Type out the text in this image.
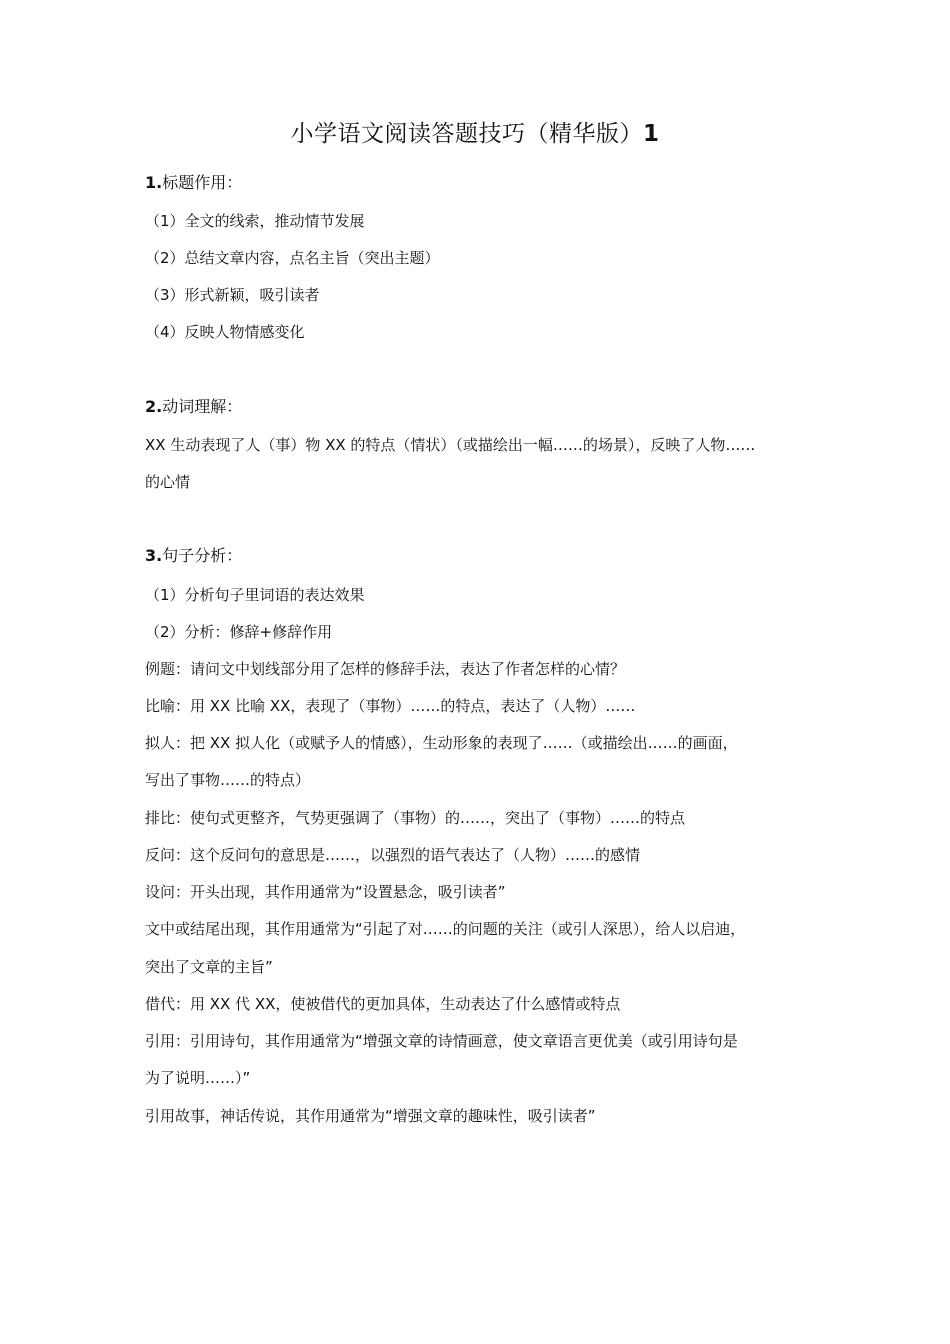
小学语文阅读答题技巧（精华版）1
1.标题作用：
（1）全文的线索，推动情节发展
（2）总结文章内容，点名主旨（突出主题）
（3）形式新颖，吸引读者
（4）反映人物情感变化
2.动词理解：
XX 生动表现了人（事）物 XX 的特点（情状）（或描绘出一幅……的场景），反映了人物……
的心情
3.句子分析：
（1）分析句子里词语的表达效果
（2）分析：修辞+修辞作用
例题：请问文中划线部分用了怎样的修辞手法，表达了作者怎样的心情？
比喻：用 XX 比喻 XX，表现了（事物）……的特点，表达了（人物）……
拟人：把 XX 拟人化（或赋予人的情感），生动形象的表现了……（或描绘出……的画面，
写出了事物……的特点）
排比：使句式更整齐，气势更强调了（事物）的……，突出了（事物）……的特点
反问：这个反问句的意思是……，以强烈的语气表达了（人物）……的感情
设问：开头出现，其作用通常为“设置悬念，吸引读者”
文中或结尾出现，其作用通常为“引起了对……的问题的关注（或引人深思），给人以启迪，
突出了文章的主旨”
借代：用 XX 代 XX，使被借代的更加具体，生动表达了什么感情或特点
引用：引用诗句，其作用通常为“增强文章的诗情画意，使文章语言更优美（或引用诗句是
为了说明……）”
引用故事，神话传说，其作用通常为“增强文章的趣味性，吸引读者”
